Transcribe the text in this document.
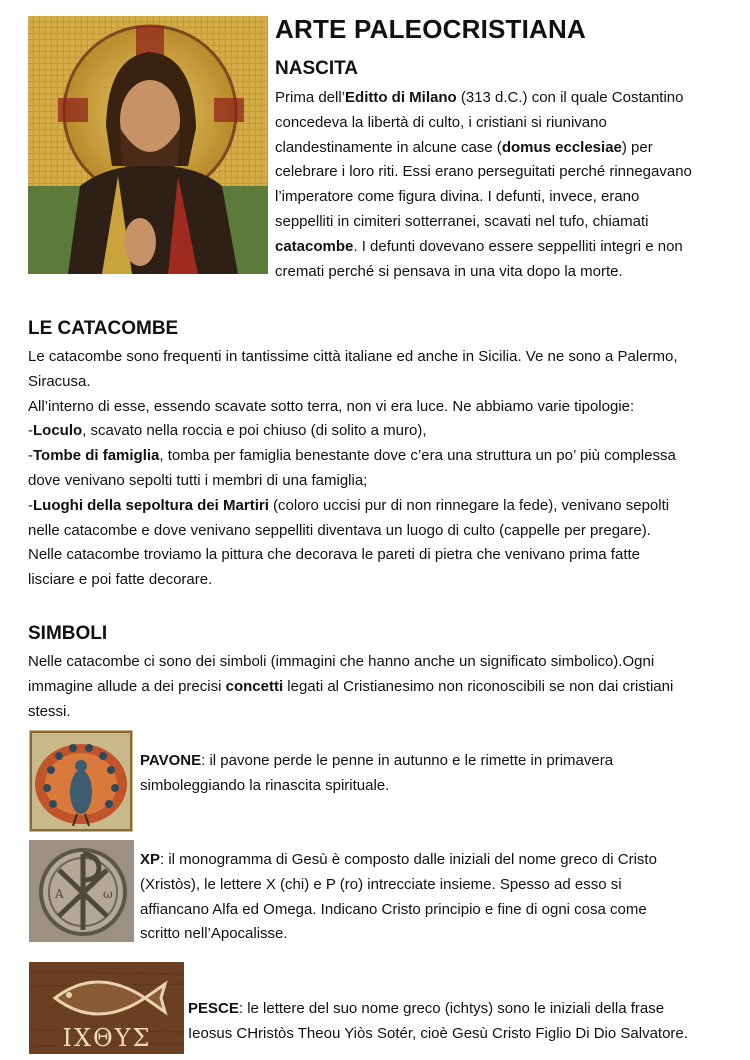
ARTE PALEOCRISTIANA
NASCITA

Prima dell’Editto di Milano (313 d.C.) con il quale Costantino

concedeva la libertà di culto, i cristiani si riunivano

clandestinamente in alcune case (domus ecclesiae) per

celebrare i loro riti. Essi erano perseguitati perché rinnegavano

l’imperatore come figura divina. I defunti, invece, erano

seppelliti in cimiteri sotterranei, scavati nel tufo, chiamati

catacombe. I defunti dovevano essere seppelliti integri e non

cremati perché si pensava in una vita dopo la morte.

LE CATACOMBE

Le catacombe sono frequenti in tantissime città italiane ed anche in Sicilia. Ve ne sono a Palermo,

Siracusa.

All’interno di esse, essendo scavate sotto terra, non vi era luce. Ne abbiamo varie tipologie:

-Loculo, scavato nella roccia e poi chiuso (di solito a muro),

-Tombe di famiglia, tomba per famiglia benestante dove c’era una struttura un po’ più complessa

dove venivano sepolti tutti i membri di una famiglia;

-Luoghi della sepoltura dei Martiri (coloro uccisi pur di non rinnegare la fede), venivano sepolti

nelle catacombe e dove venivano seppelliti diventava un luogo di culto (cappelle per pregare).

Nelle catacombe troviamo la pittura che decorava le pareti di pietra che venivano prima fatte

lisciare e poi fatte decorare.

SIMBOLI

Nelle catacombe ci sono dei simboli (immagini che hanno anche un significato simbolico).Ogni

immagine allude a dei precisi concetti legati al Cristianesimo non riconoscibili se non dai cristiani

stessi.

PAVONE: il pavone perde le penne in autunno e le rimette in primavera

simboleggiando la rinascita spirituale.

A	ω

XP: il monogramma di Gesù è composto dalle iniziali del nome greco di Cristo

(Xristòs), le lettere X (chi) e P (ro) intrecciate insieme. Spesso ad esso si

affiancano Alfa ed Omega. Indicano Cristo principio e fine di ogni cosa come

scritto nell’Apocalisse.

ΙΧΘΥΣ

PESCE: le lettere del suo nome greco (ichtys) sono le iniziali della frase

Ieosus CHristòs Theou Yiòs Sotér, cioè Gesù Cristo Figlio Di Dio Salvatore.
